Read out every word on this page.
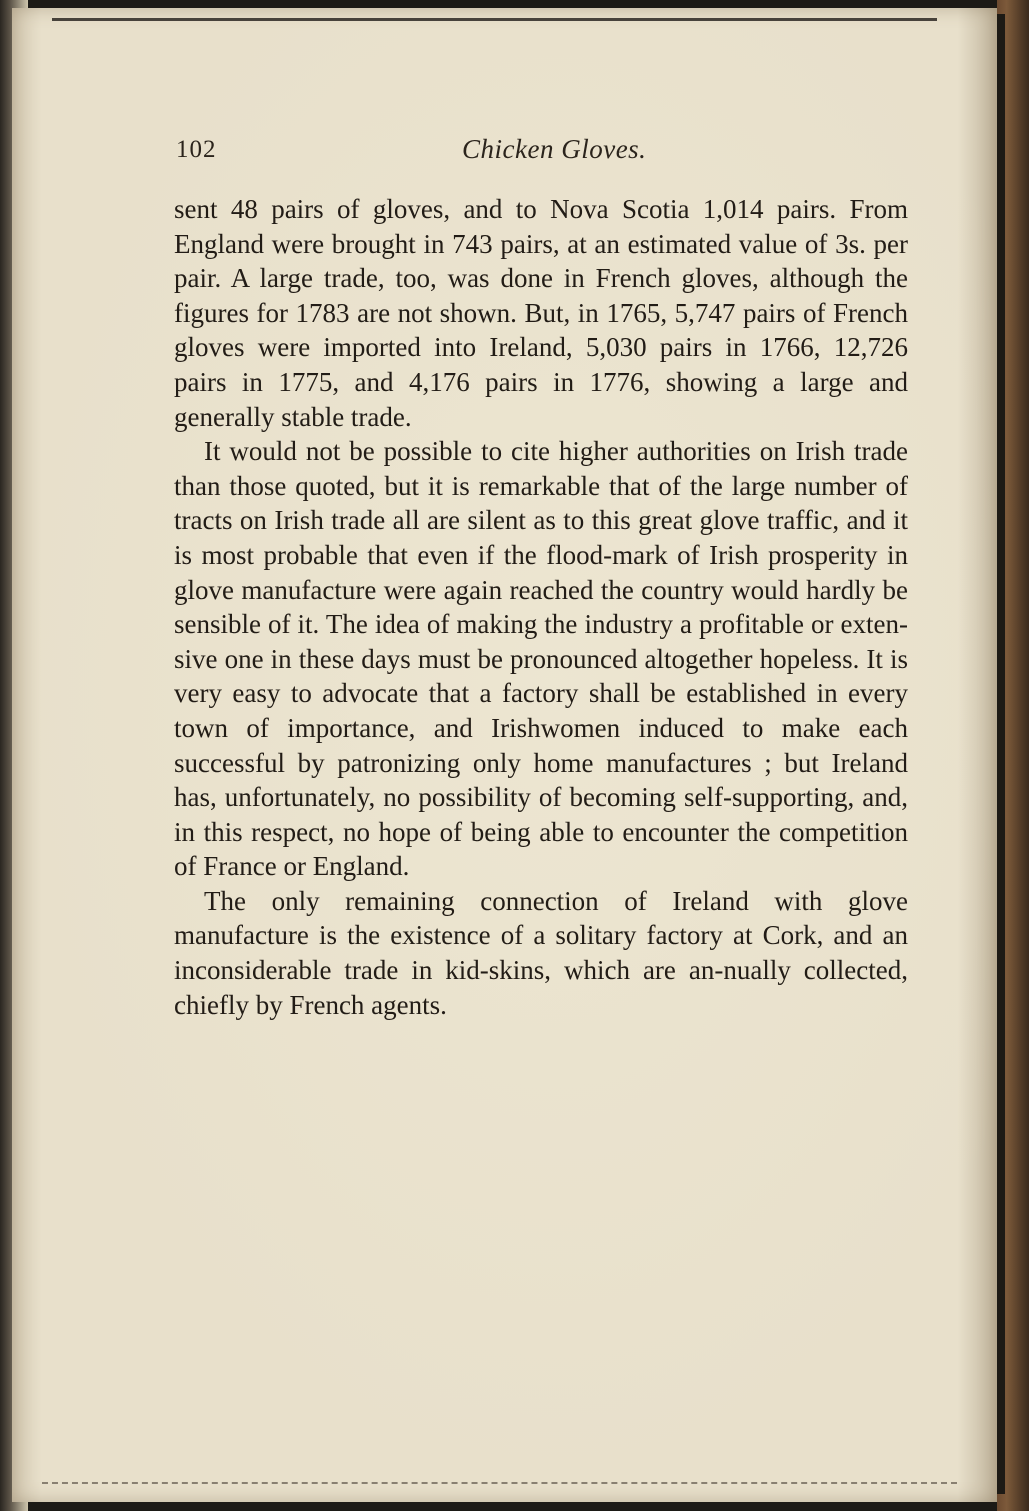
102	Chicken Gloves.

sent 48 pairs of gloves, and to Nova Scotia 1,014 pairs. From England were brought in 743 pairs, at an estimated value of 3s. per pair. A large trade, too, was done in French gloves, although the figures for 1783 are not shown. But, in 1765, 5,747 pairs of French gloves were imported into Ireland, 5,030 pairs in 1766, 12,726 pairs in 1775, and 4,176 pairs in 1776, showing a large and generally stable trade.

It would not be possible to cite higher authorities on Irish trade than those quoted, but it is remarkable that of the large number of tracts on Irish trade all are silent as to this great glove traffic, and it is most probable that even if the flood-mark of Irish prosperity in glove manufacture were again reached the country would hardly be sensible of it. The idea of making the industry a profitable or exten-sive one in these days must be pronounced altogether hopeless. It is very easy to advocate that a factory shall be established in every town of importance, and Irishwomen induced to make each successful by patronizing only home manufactures ; but Ireland has, unfortunately, no possibility of becoming self-supporting, and, in this respect, no hope of being able to encounter the competition of France or England.

The only remaining connection of Ireland with glove manufacture is the existence of a solitary factory at Cork, and an inconsiderable trade in kid-skins, which are an-nually collected, chiefly by French agents.
